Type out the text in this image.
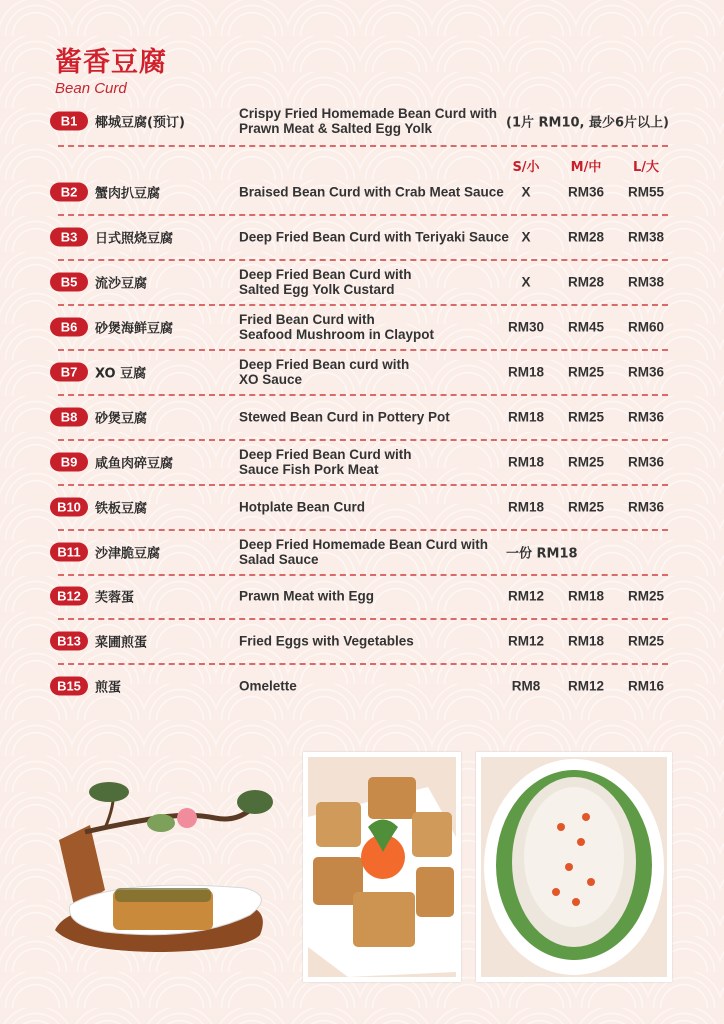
酱香豆腐
Bean Curd
S/小	M/中	L/大
B1	椰城豆腐(预订)
Crispy Fried Homemade Bean Curd with
Prawn Meat & Salted Egg Yolk	(1片 RM10, 最少6片以上)
B2	蟹肉扒豆腐	Braised Bean Curd with Crab Meat Sauce	X	RM36	RM55
B3	日式照烧豆腐	Deep Fried Bean Curd with Teriyaki Sauce X	RM28	RM38
B5	流沙豆腐
Deep Fried Bean Curd with
Salted Egg Yolk Custard	X	RM28	RM38
B6	砂煲海鲜豆腐
Fried Bean Curd with
Seafood Mushroom in Claypot	RM30	RM45	RM60
B7	XO 豆腐
Deep Fried Bean curd with
XO Sauce	RM18	RM25	RM36
B8	砂煲豆腐	Stewed Bean Curd in Pottery Pot	RM18	RM25	RM36
B9	咸鱼肉碎豆腐
Deep Fried Bean Curd with
Sauce Fish Pork Meat	RM18	RM25	RM36
B10	铁板豆腐	Hotplate Bean Curd	RM18	RM25	RM36
B11	沙津脆豆腐
Deep Fried Homemade Bean Curd with
Salad Sauce	一份 RM18
B12	芙蓉蛋	Prawn Meat with Egg	RM12	RM18	RM25
B13	菜圃煎蛋	Fried Eggs with Vegetables	RM12	RM18	RM25
B15	煎蛋	Omelette	RM8	RM12	RM16
